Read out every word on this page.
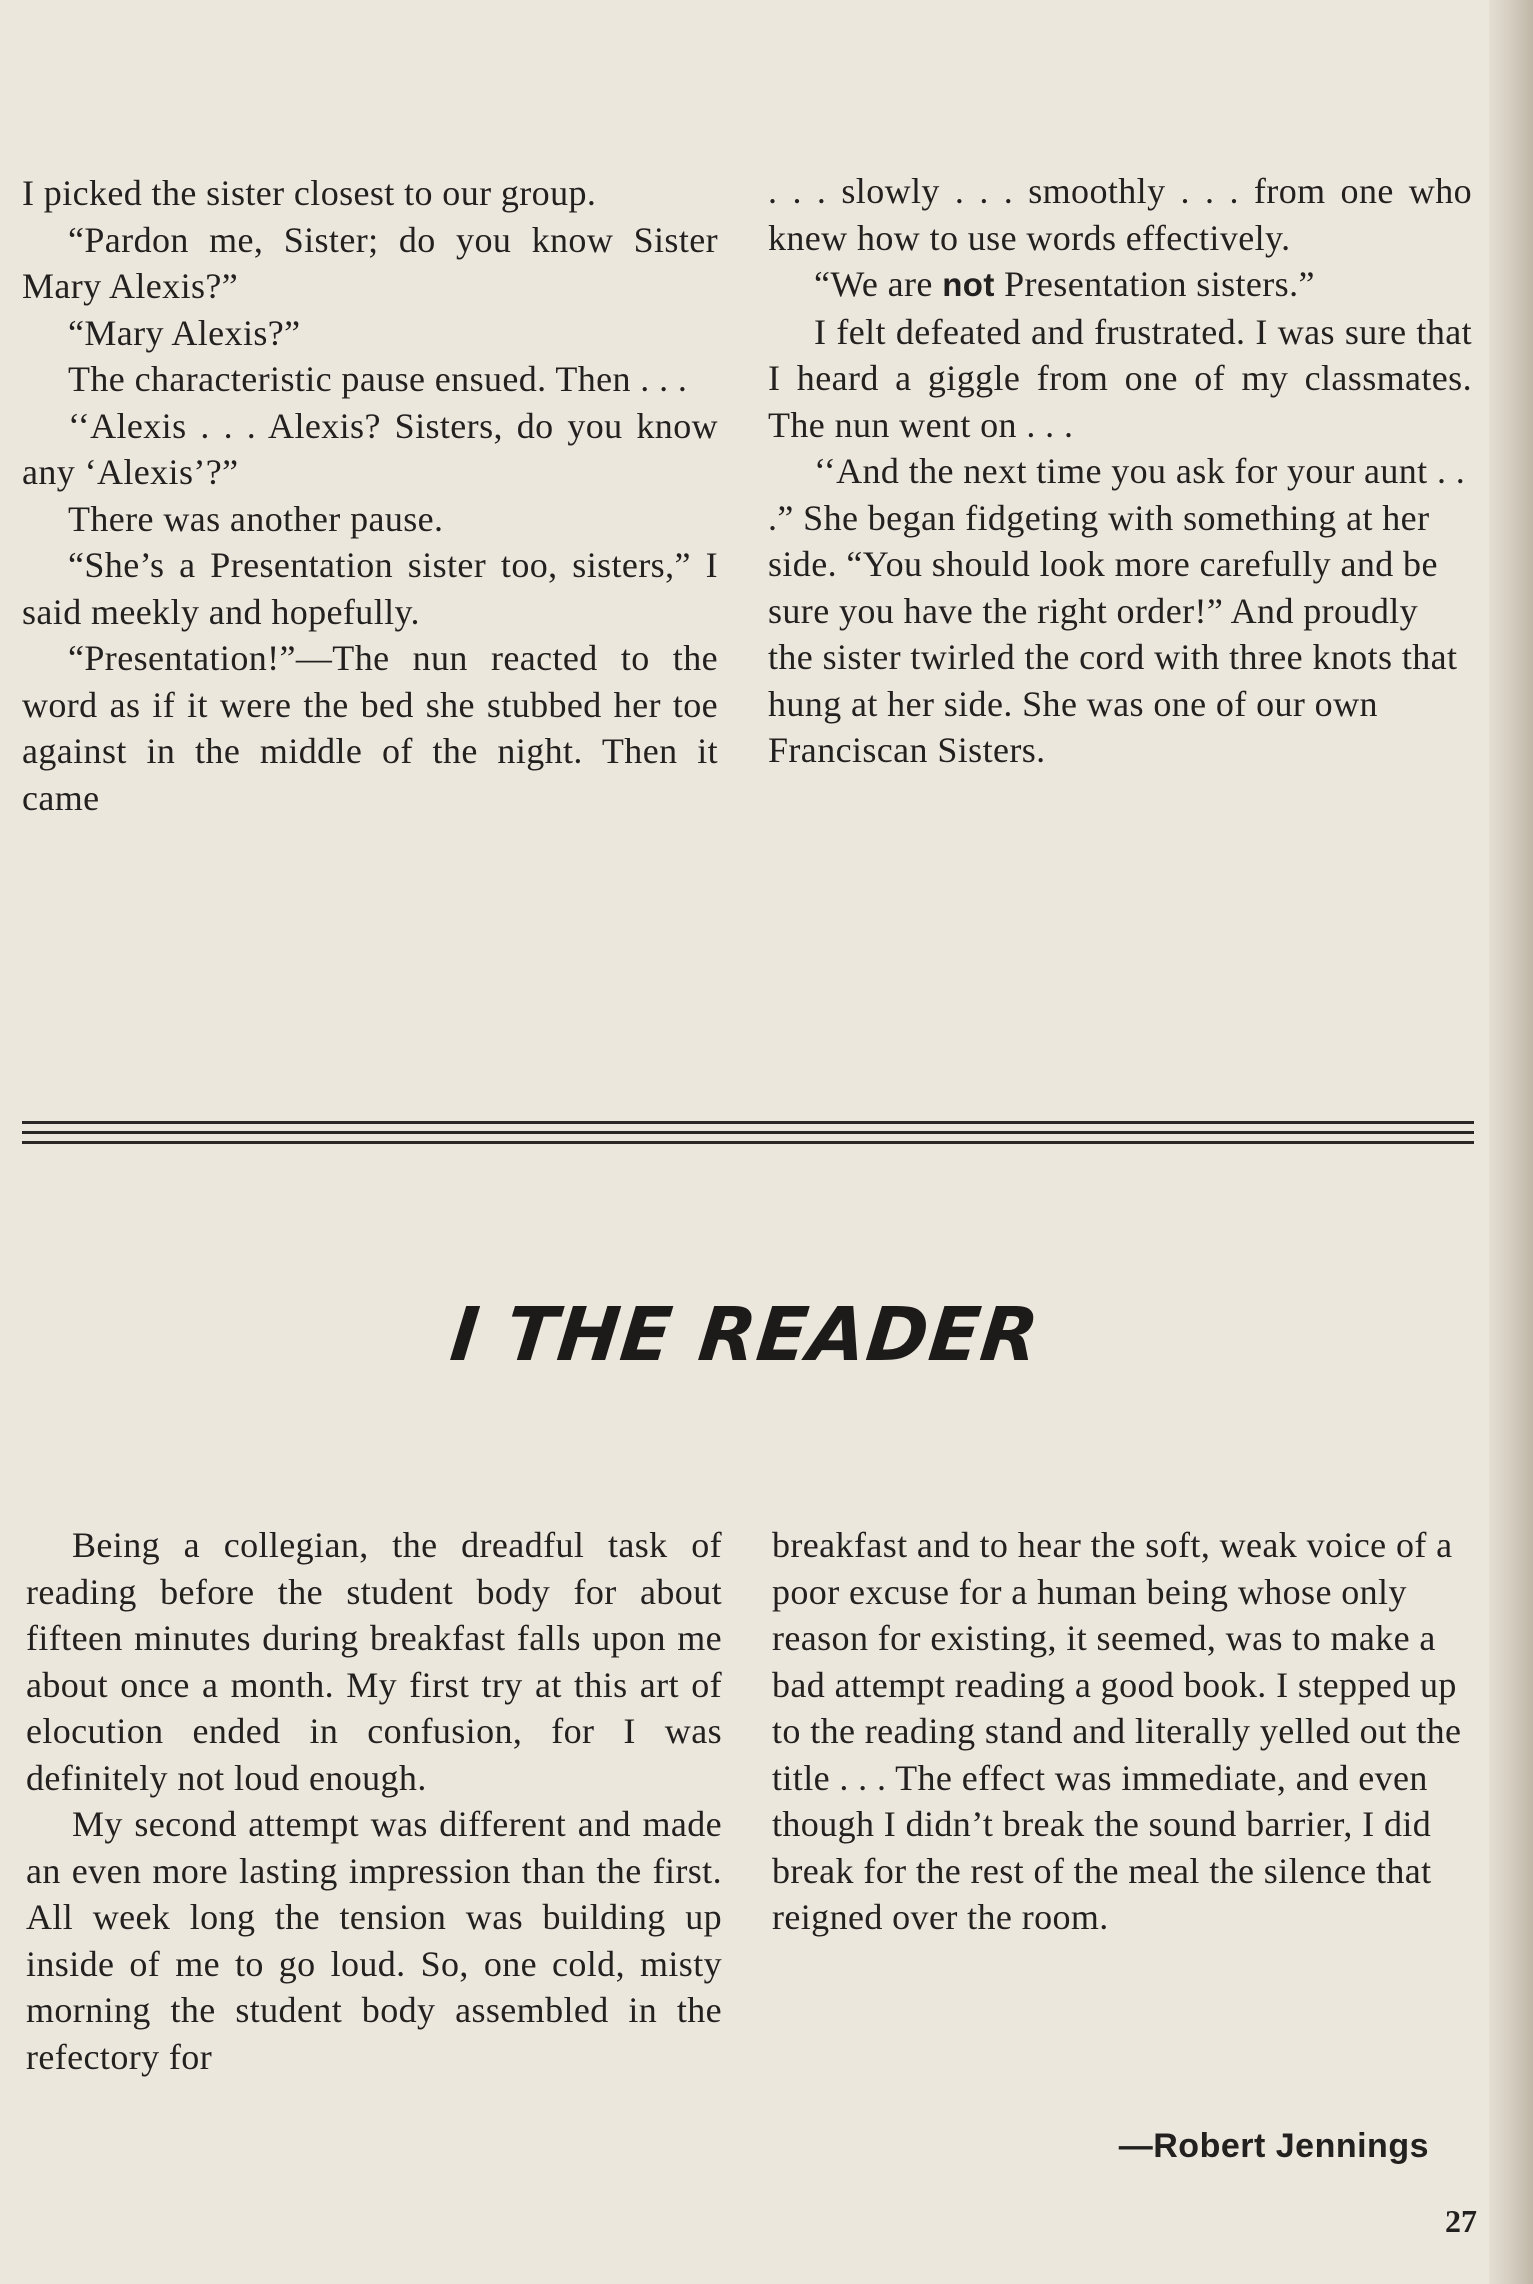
I picked the sister closest to our group.

“Pardon me, Sister; do you know Sister Mary Alexis?”

“Mary Alexis?”

The characteristic pause ensued. Then . . .

‘‘Alexis . . . Alexis? Sisters, do you know any ‘Alexis’?”

There was another pause.

“She’s a Presentation sister too, sisters,” I said meekly and hopefully.

“Presentation!”—The nun reacted to the word as if it were the bed she stubbed her toe against in the middle of the night. Then it came

. . . slowly . . . smoothly . . . from one who knew how to use words effectively.

“We are not Presentation sisters.”

I felt defeated and frustrated. I was sure that I heard a giggle from one of my classmates. The nun went on . . .

‘‘And the next time you ask for your aunt . . .” She began fidgeting with something at her side. “You should look more carefully and be sure you have the right order!” And proudly the sister twirled the cord with three knots that hung at her side. She was one of our own Franciscan Sisters.

I THE READER

Being a collegian, the dreadful task of reading before the student body for about fifteen minutes during breakfast falls upon me about once a month. My first try at this art of elocution ended in confusion, for I was definitely not loud enough.

My second attempt was different and made an even more lasting impression than the first. All week long the tension was building up inside of me to go loud. So, one cold, misty morning the student body assembled in the refectory for

breakfast and to hear the soft, weak voice of a poor excuse for a human being whose only reason for existing, it seemed, was to make a bad attempt reading a good book. I stepped up to the reading stand and literally yelled out the title . . . The effect was immediate, and even though I didn’t break the sound barrier, I did break for the rest of the meal the silence that reigned over the room.

—Robert Jennings
27
